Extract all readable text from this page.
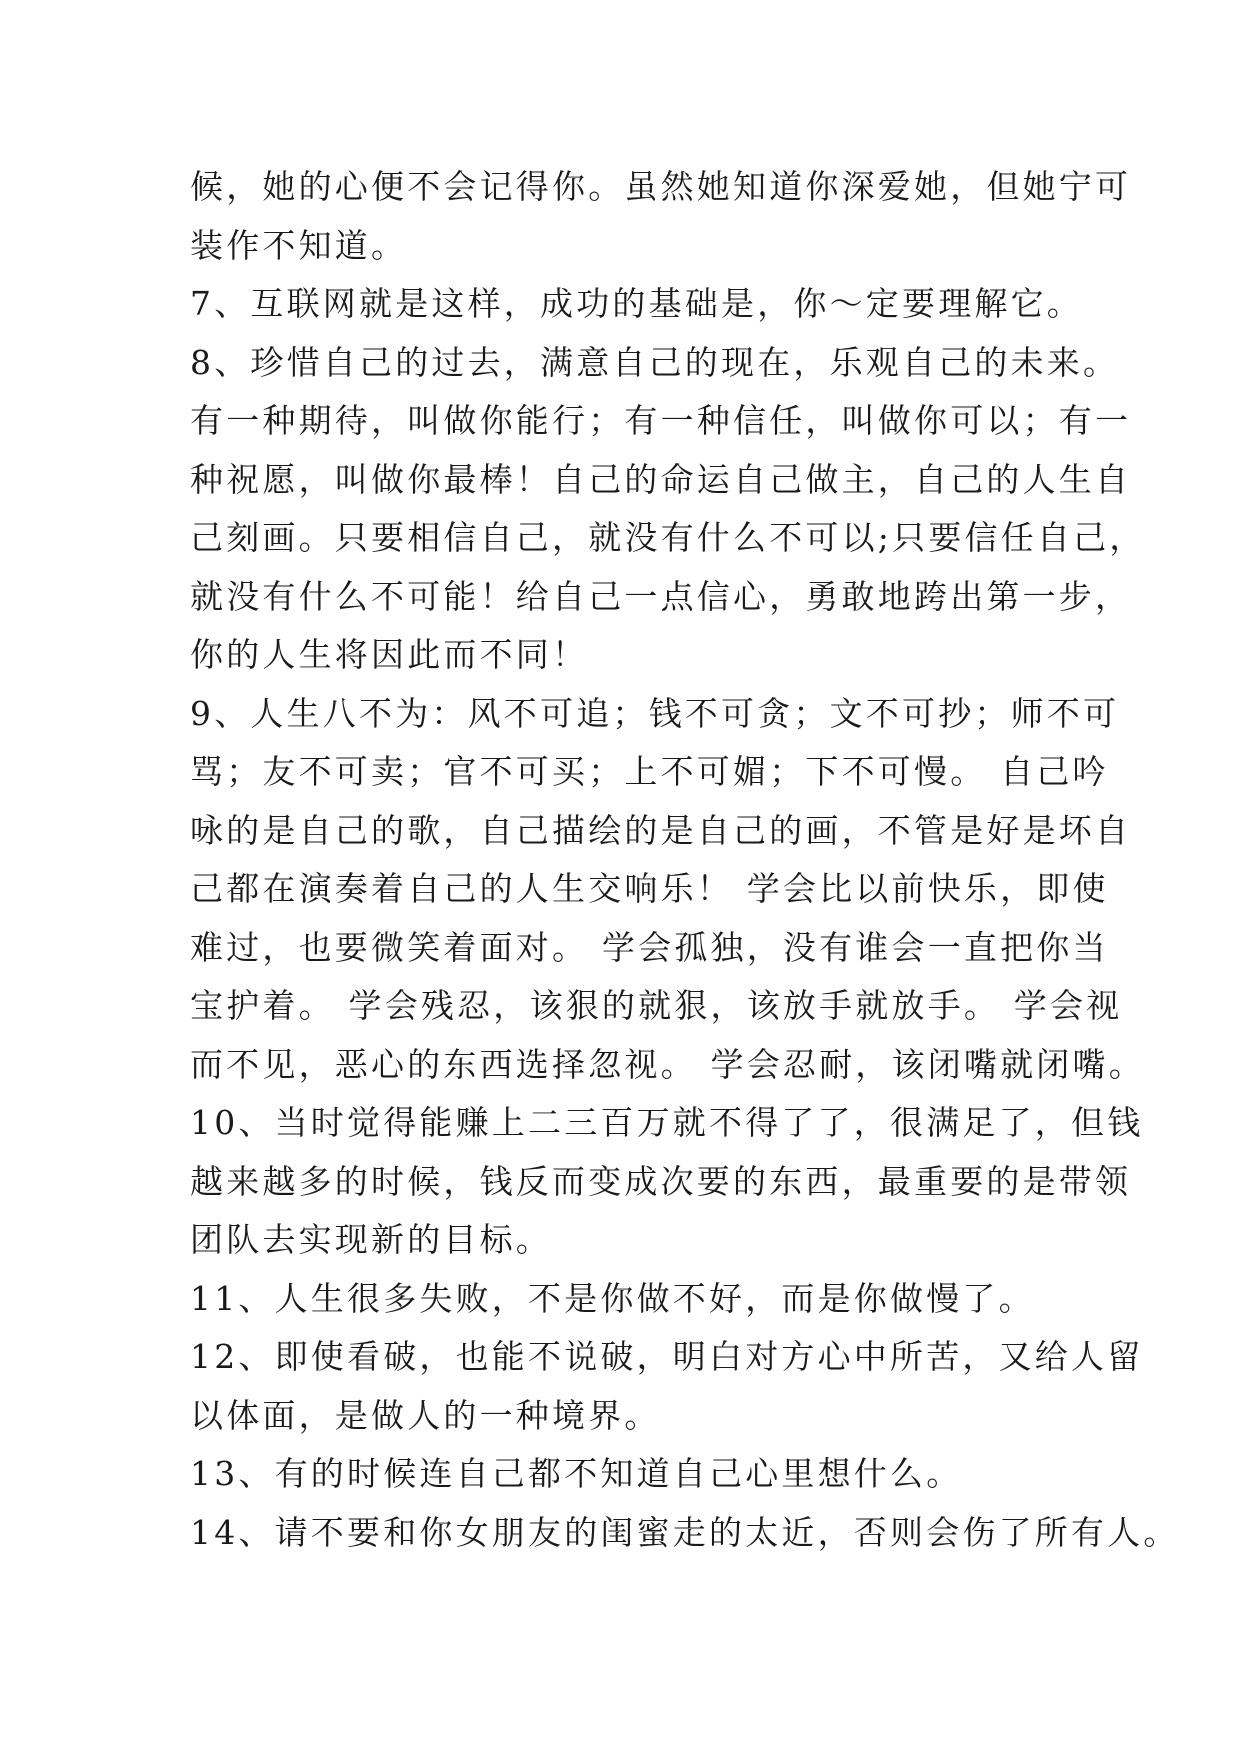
候，她的心便不会记得你。虽然她知道你深爱她，但她宁可
装作不知道。
7、互联网就是这样，成功的基础是，你～定要理解它。
8、珍惜自己的过去，满意自己的现在，乐观自己的未来。
有一种期待，叫做你能行；有一种信任，叫做你可以；有一
种祝愿，叫做你最棒！自己的命运自己做主，自己的人生自
己刻画。只要相信自己，就没有什么不可以;只要信任自己，
就没有什么不可能！给自己一点信心，勇敢地跨出第一步，
你的人生将因此而不同！
9、人生八不为：风不可追；钱不可贪；文不可抄；师不可
骂；友不可卖；官不可买；上不可媚；下不可慢。 自己吟
咏的是自己的歌，自己描绘的是自己的画，不管是好是坏自
己都在演奏着自己的人生交响乐！ 学会比以前快乐，即使
难过，也要微笑着面对。 学会孤独，没有谁会一直把你当
宝护着。 学会残忍，该狠的就狠，该放手就放手。 学会视
而不见，恶心的东西选择忽视。 学会忍耐，该闭嘴就闭嘴。
10、当时觉得能赚上二三百万就不得了了，很满足了，但钱
越来越多的时候，钱反而变成次要的东西，最重要的是带领
团队去实现新的目标。
11、人生很多失败，不是你做不好，而是你做慢了。
12、即使看破，也能不说破，明白对方心中所苦，又给人留
以体面，是做人的一种境界。
13、有的时候连自己都不知道自己心里想什么。
14、请不要和你女朋友的闺蜜走的太近，否则会伤了所有人。
